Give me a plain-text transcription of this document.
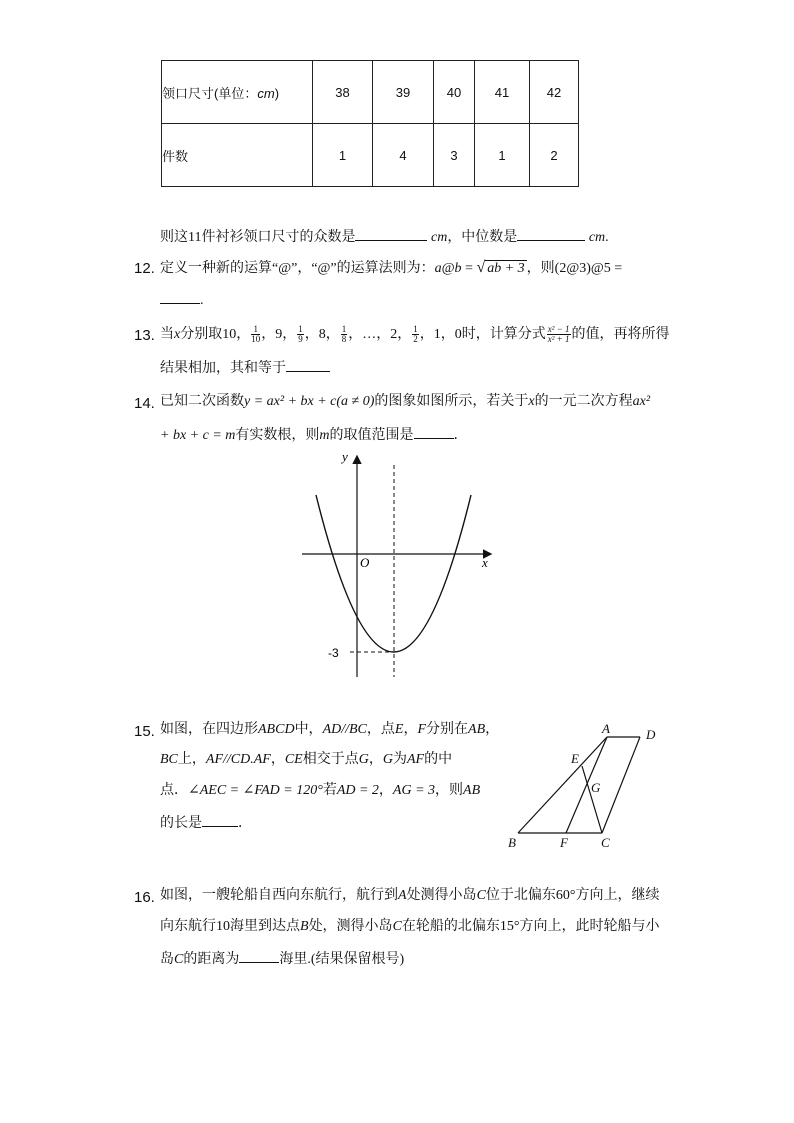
领口尺寸(单位：cm)	38	39	40	41	42
件数	1	4	3	1	2
则这11件衬衫领口尺寸的众数是	cm，中位数是	cm.
12. 定义一种新的运算“@”，“@”的运算法则为：a@b = √ ab + 3 ，则(2@3)@5 =
.
13. 当x分别取10， $\frac{1}{10}$ ，9， $\frac{1}{9}$ ，8， $\frac{1}{8}$ ，…，2， $\frac{1}{2}$ ，1，0时，计算分式 $\frac{\text{x² − 1}}{\text{x² + 1}}$ 的值，再将所得
结果相加，其和等于
14. 已知二次函数y = ax² + bx + c(a ≠ 0)的图象如图所示，若关于x的一元二次方程ax²
+ bx + c = m有实数根，则m的取值范围是	．
y
x
O
-3
15. 如图，在四边形ABCD中，AD//BC，点E，F分别在AB，
BC上，AF//CD.AF，CE相交于点G，G为AF的中
点．∠AEC = ∠FAD = 120°若AD = 2，AG = 3，则AB
的长是	．
A	D
E
G
B	F	C
16. 如图，一艘轮船自西向东航行，航行到A处测得小岛C位于北偏东60°方向上，继续
向东航行10海里到达点B处，测得小岛C在轮船的北偏东15°方向上，此时轮船与小
岛C的距离为	海里.(结果保留根号)
